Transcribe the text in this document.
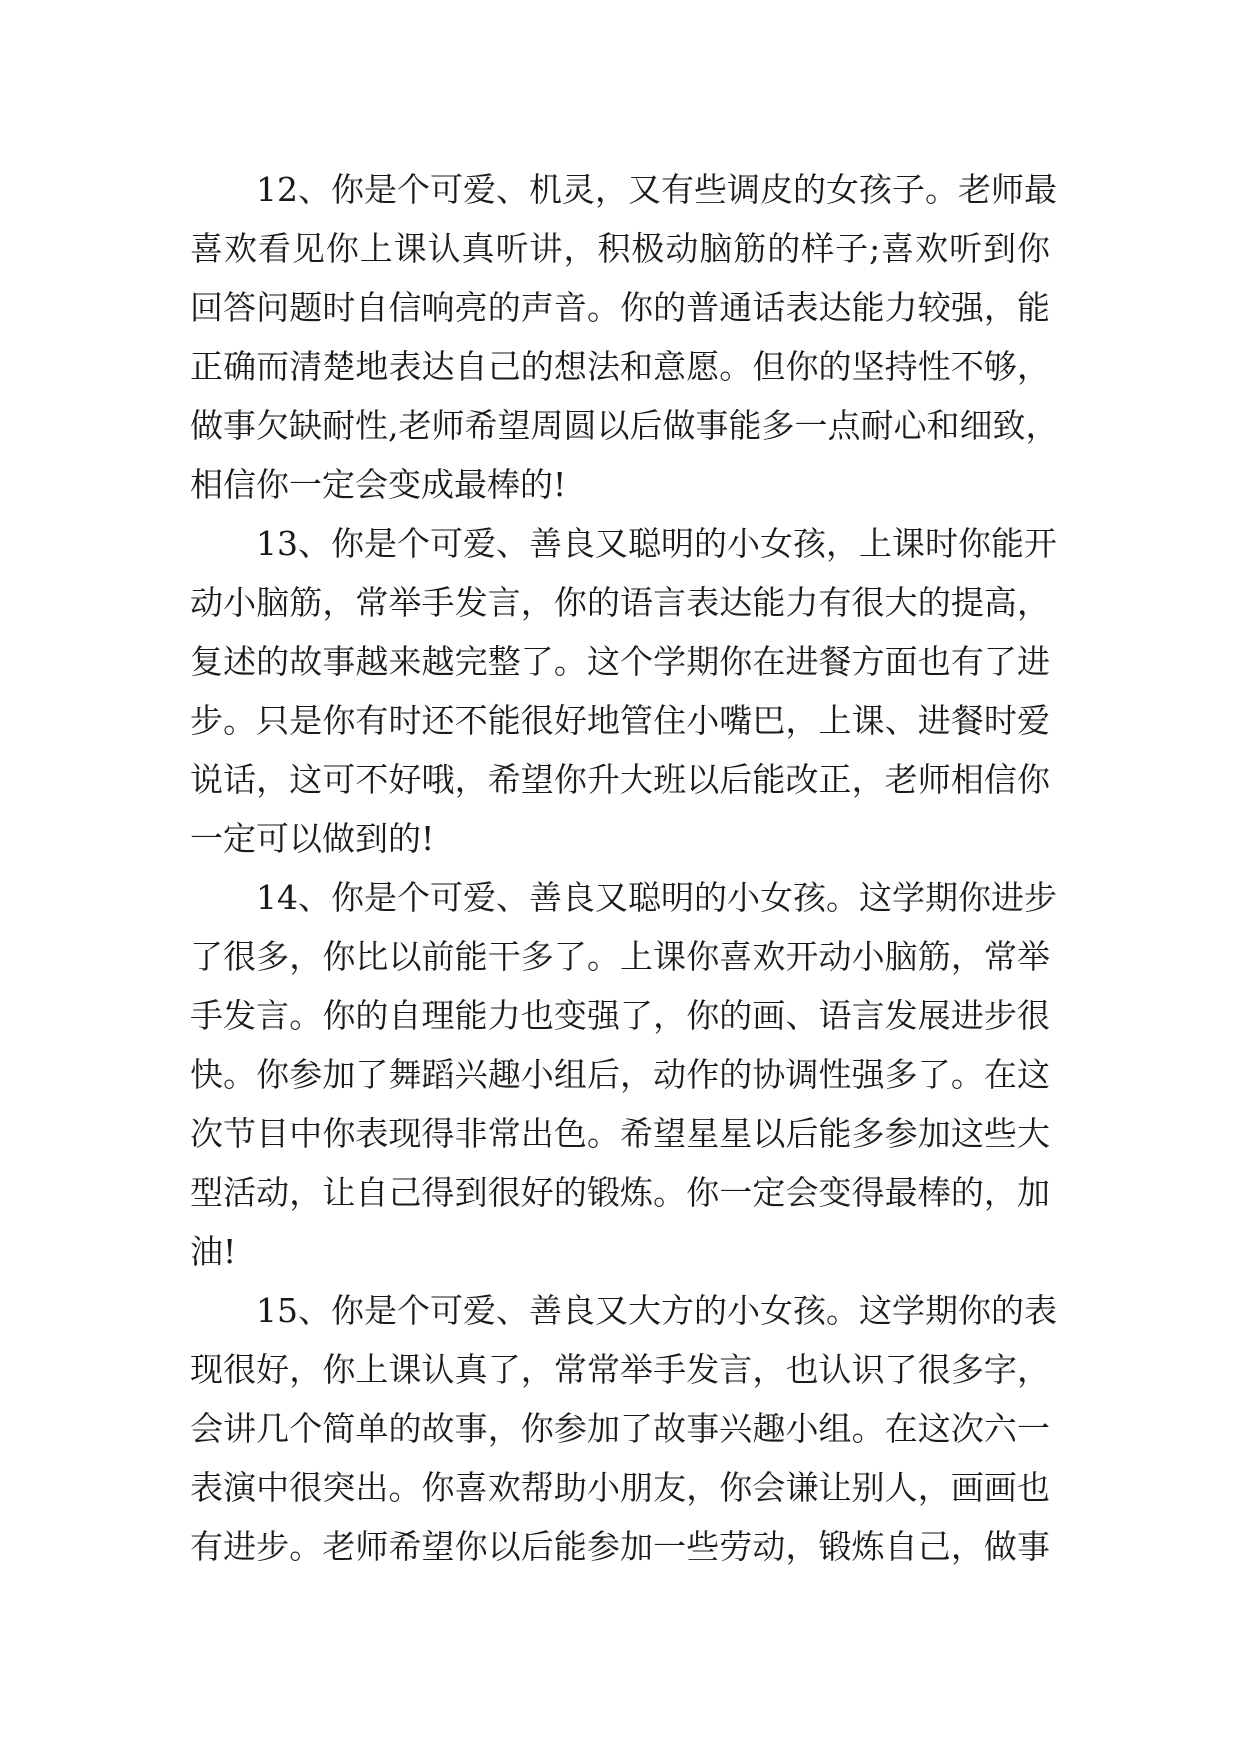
12、你是个可爱、机灵，又有些调皮的女孩子。老师最
喜欢看见你上课认真听讲，积极动脑筋的样子;喜欢听到你
回答问题时自信响亮的声音。你的普通话表达能力较强，能
正确而清楚地表达自己的想法和意愿。但你的坚持性不够，
做事欠缺耐性,老师希望周圆以后做事能多一点耐心和细致，
相信你一定会变成最棒的!
13、你是个可爱、善良又聪明的小女孩，上课时你能开
动小脑筋，常举手发言，你的语言表达能力有很大的提高，
复述的故事越来越完整了。这个学期你在进餐方面也有了进
步。只是你有时还不能很好地管住小嘴巴，上课、进餐时爱
说话，这可不好哦，希望你升大班以后能改正，老师相信你
一定可以做到的!
14、你是个可爱、善良又聪明的小女孩。这学期你进步
了很多，你比以前能干多了。上课你喜欢开动小脑筋，常举
手发言。你的自理能力也变强了，你的画、语言发展进步很
快。你参加了舞蹈兴趣小组后，动作的协调性强多了。在这
次节目中你表现得非常出色。希望星星以后能多参加这些大
型活动，让自己得到很好的锻炼。你一定会变得最棒的，加
油!
15、你是个可爱、善良又大方的小女孩。这学期你的表
现很好，你上课认真了，常常举手发言，也认识了很多字，
会讲几个简单的故事，你参加了故事兴趣小组。在这次六一
表演中很突出。你喜欢帮助小朋友，你会谦让别人，画画也
有进步。老师希望你以后能参加一些劳动，锻炼自己，做事
